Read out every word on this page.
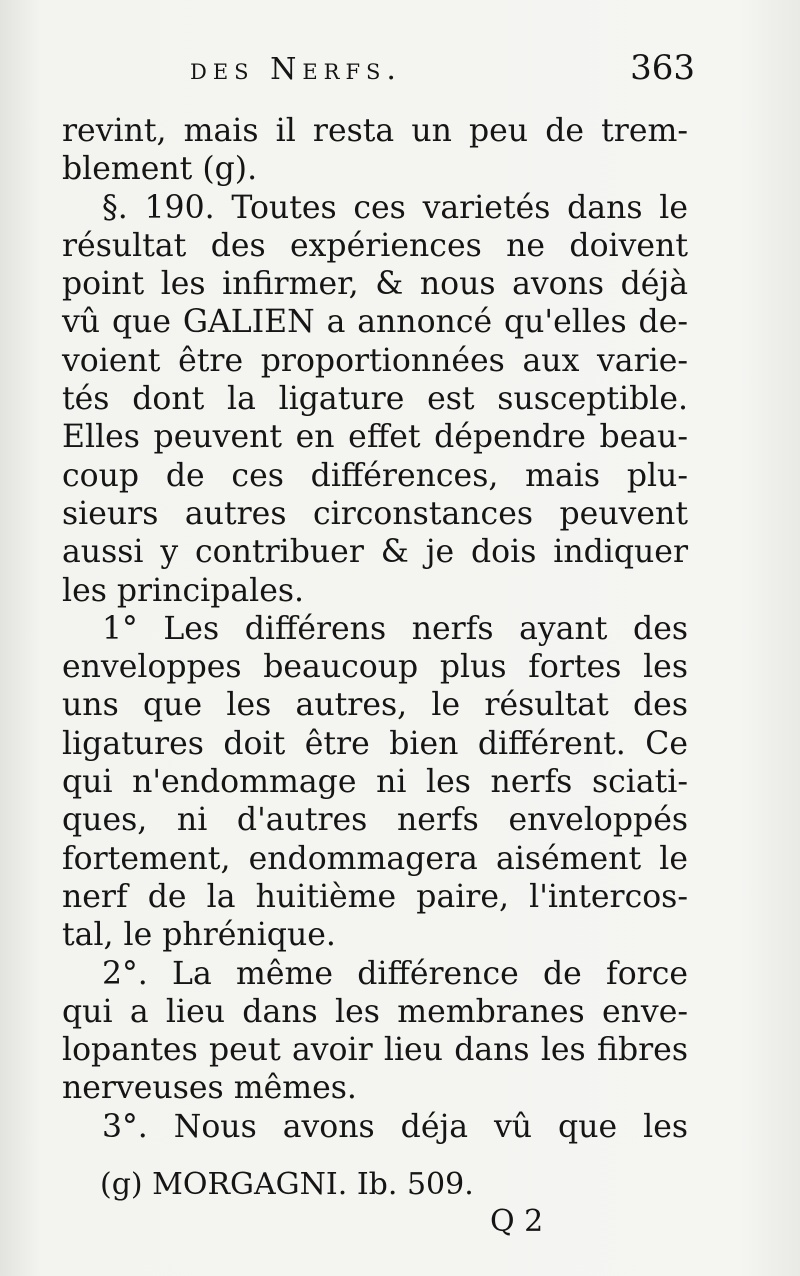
des Nerfs.	363
revint, mais il resta un peu de trem-
blement (g).
§. 190. Toutes ces varietés dans le
résultat des expériences ne doivent
point les infirmer, & nous avons déjà
vû que GALIEN a annoncé qu'elles de-
voient être proportionnées aux varie-
tés dont la ligature est susceptible.
Elles peuvent en effet dépendre beau-
coup de ces différences, mais plu-
sieurs autres circonstances peuvent
aussi y contribuer & je dois indiquer
les principales.
1° Les différens nerfs ayant des
enveloppes beaucoup plus fortes les
uns que les autres, le résultat des
ligatures doit être bien différent. Ce
qui n'endommage ni les nerfs sciati-
ques, ni d'autres nerfs enveloppés
fortement, endommagera aisément le
nerf de la huitième paire, l'intercos-
tal, le phrénique.
2°. La même différence de force
qui a lieu dans les membranes enve-
lopantes peut avoir lieu dans les fibres
nerveuses mêmes.
3°. Nous avons déja vû que les
(g) MORGAGNI. Ib. 509.
Q 2
